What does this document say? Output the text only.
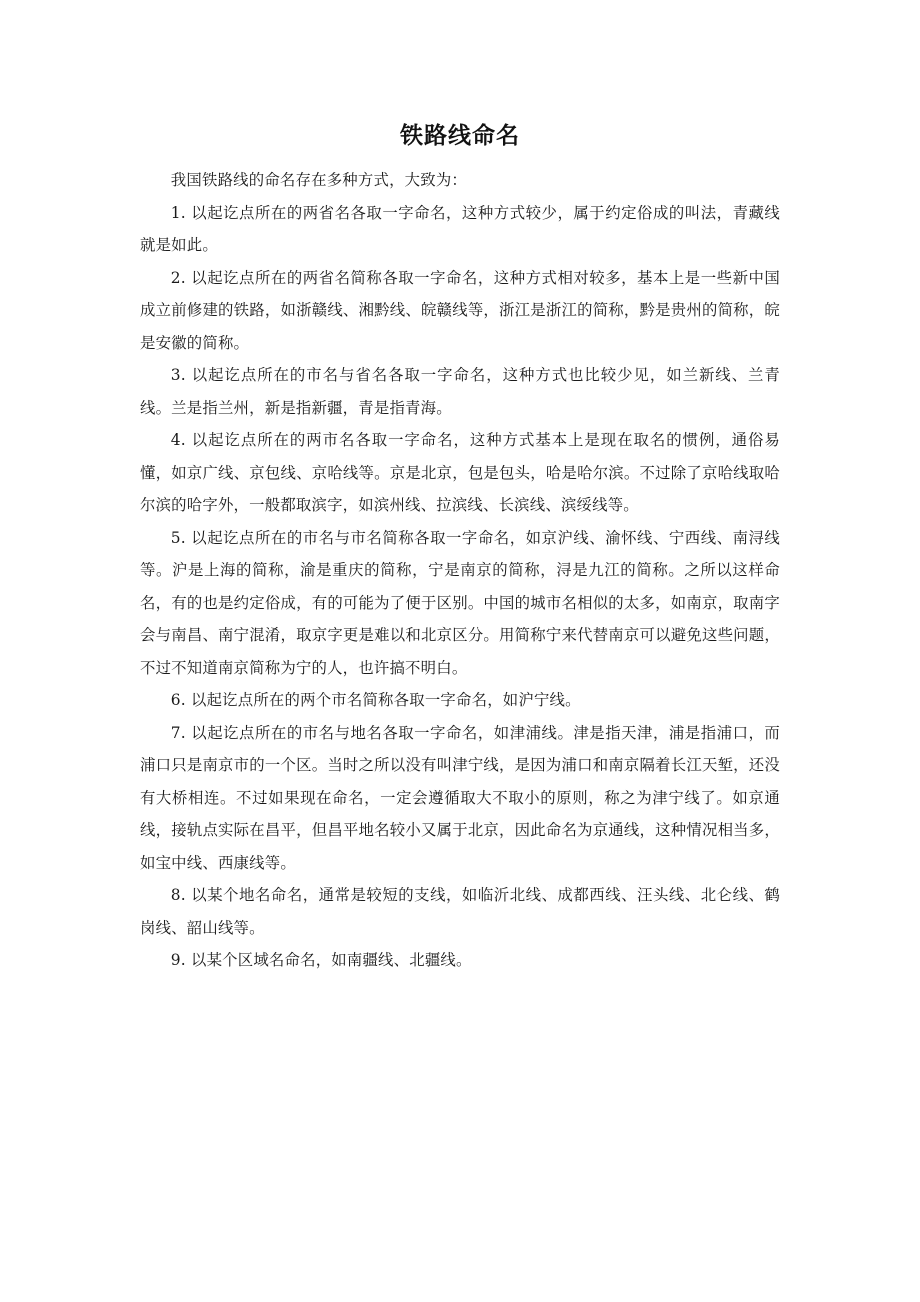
铁路线命名

我国铁路线的命名存在多种方式，大致为：

1. 以起讫点所在的两省名各取一字命名，这种方式较少，属于约定俗成的叫法，青藏线就是如此。

2. 以起讫点所在的两省名简称各取一字命名，这种方式相对较多，基本上是一些新中国成立前修建的铁路，如浙赣线、湘黔线、皖赣线等，浙江是浙江的简称，黔是贵州的简称，皖是安徽的简称。

3. 以起讫点所在的市名与省名各取一字命名，这种方式也比较少见，如兰新线、兰青线。兰是指兰州，新是指新疆，青是指青海。

4. 以起讫点所在的两市名各取一字命名，这种方式基本上是现在取名的惯例，通俗易懂，如京广线、京包线、京哈线等。京是北京，包是包头，哈是哈尔滨。不过除了京哈线取哈尔滨的哈字外，一般都取滨字，如滨州线、拉滨线、长滨线、滨绥线等。

5. 以起讫点所在的市名与市名简称各取一字命名，如京沪线、渝怀线、宁西线、南浔线等。沪是上海的简称，渝是重庆的简称，宁是南京的简称，浔是九江的简称。之所以这样命名，有的也是约定俗成，有的可能为了便于区别。中国的城市名相似的太多，如南京，取南字会与南昌、南宁混淆，取京字更是难以和北京区分。用简称宁来代替南京可以避免这些问题，不过不知道南京简称为宁的人，也许搞不明白。

6. 以起讫点所在的两个市名简称各取一字命名，如沪宁线。

7. 以起讫点所在的市名与地名各取一字命名，如津浦线。津是指天津，浦是指浦口，而浦口只是南京市的一个区。当时之所以没有叫津宁线，是因为浦口和南京隔着长江天堑，还没有大桥相连。不过如果现在命名，一定会遵循取大不取小的原则，称之为津宁线了。如京通线，接轨点实际在昌平，但昌平地名较小又属于北京，因此命名为京通线，这种情况相当多，如宝中线、西康线等。

8. 以某个地名命名，通常是较短的支线，如临沂北线、成都西线、汪头线、北仑线、鹤岗线、韶山线等。

9. 以某个区域名命名，如南疆线、北疆线。
